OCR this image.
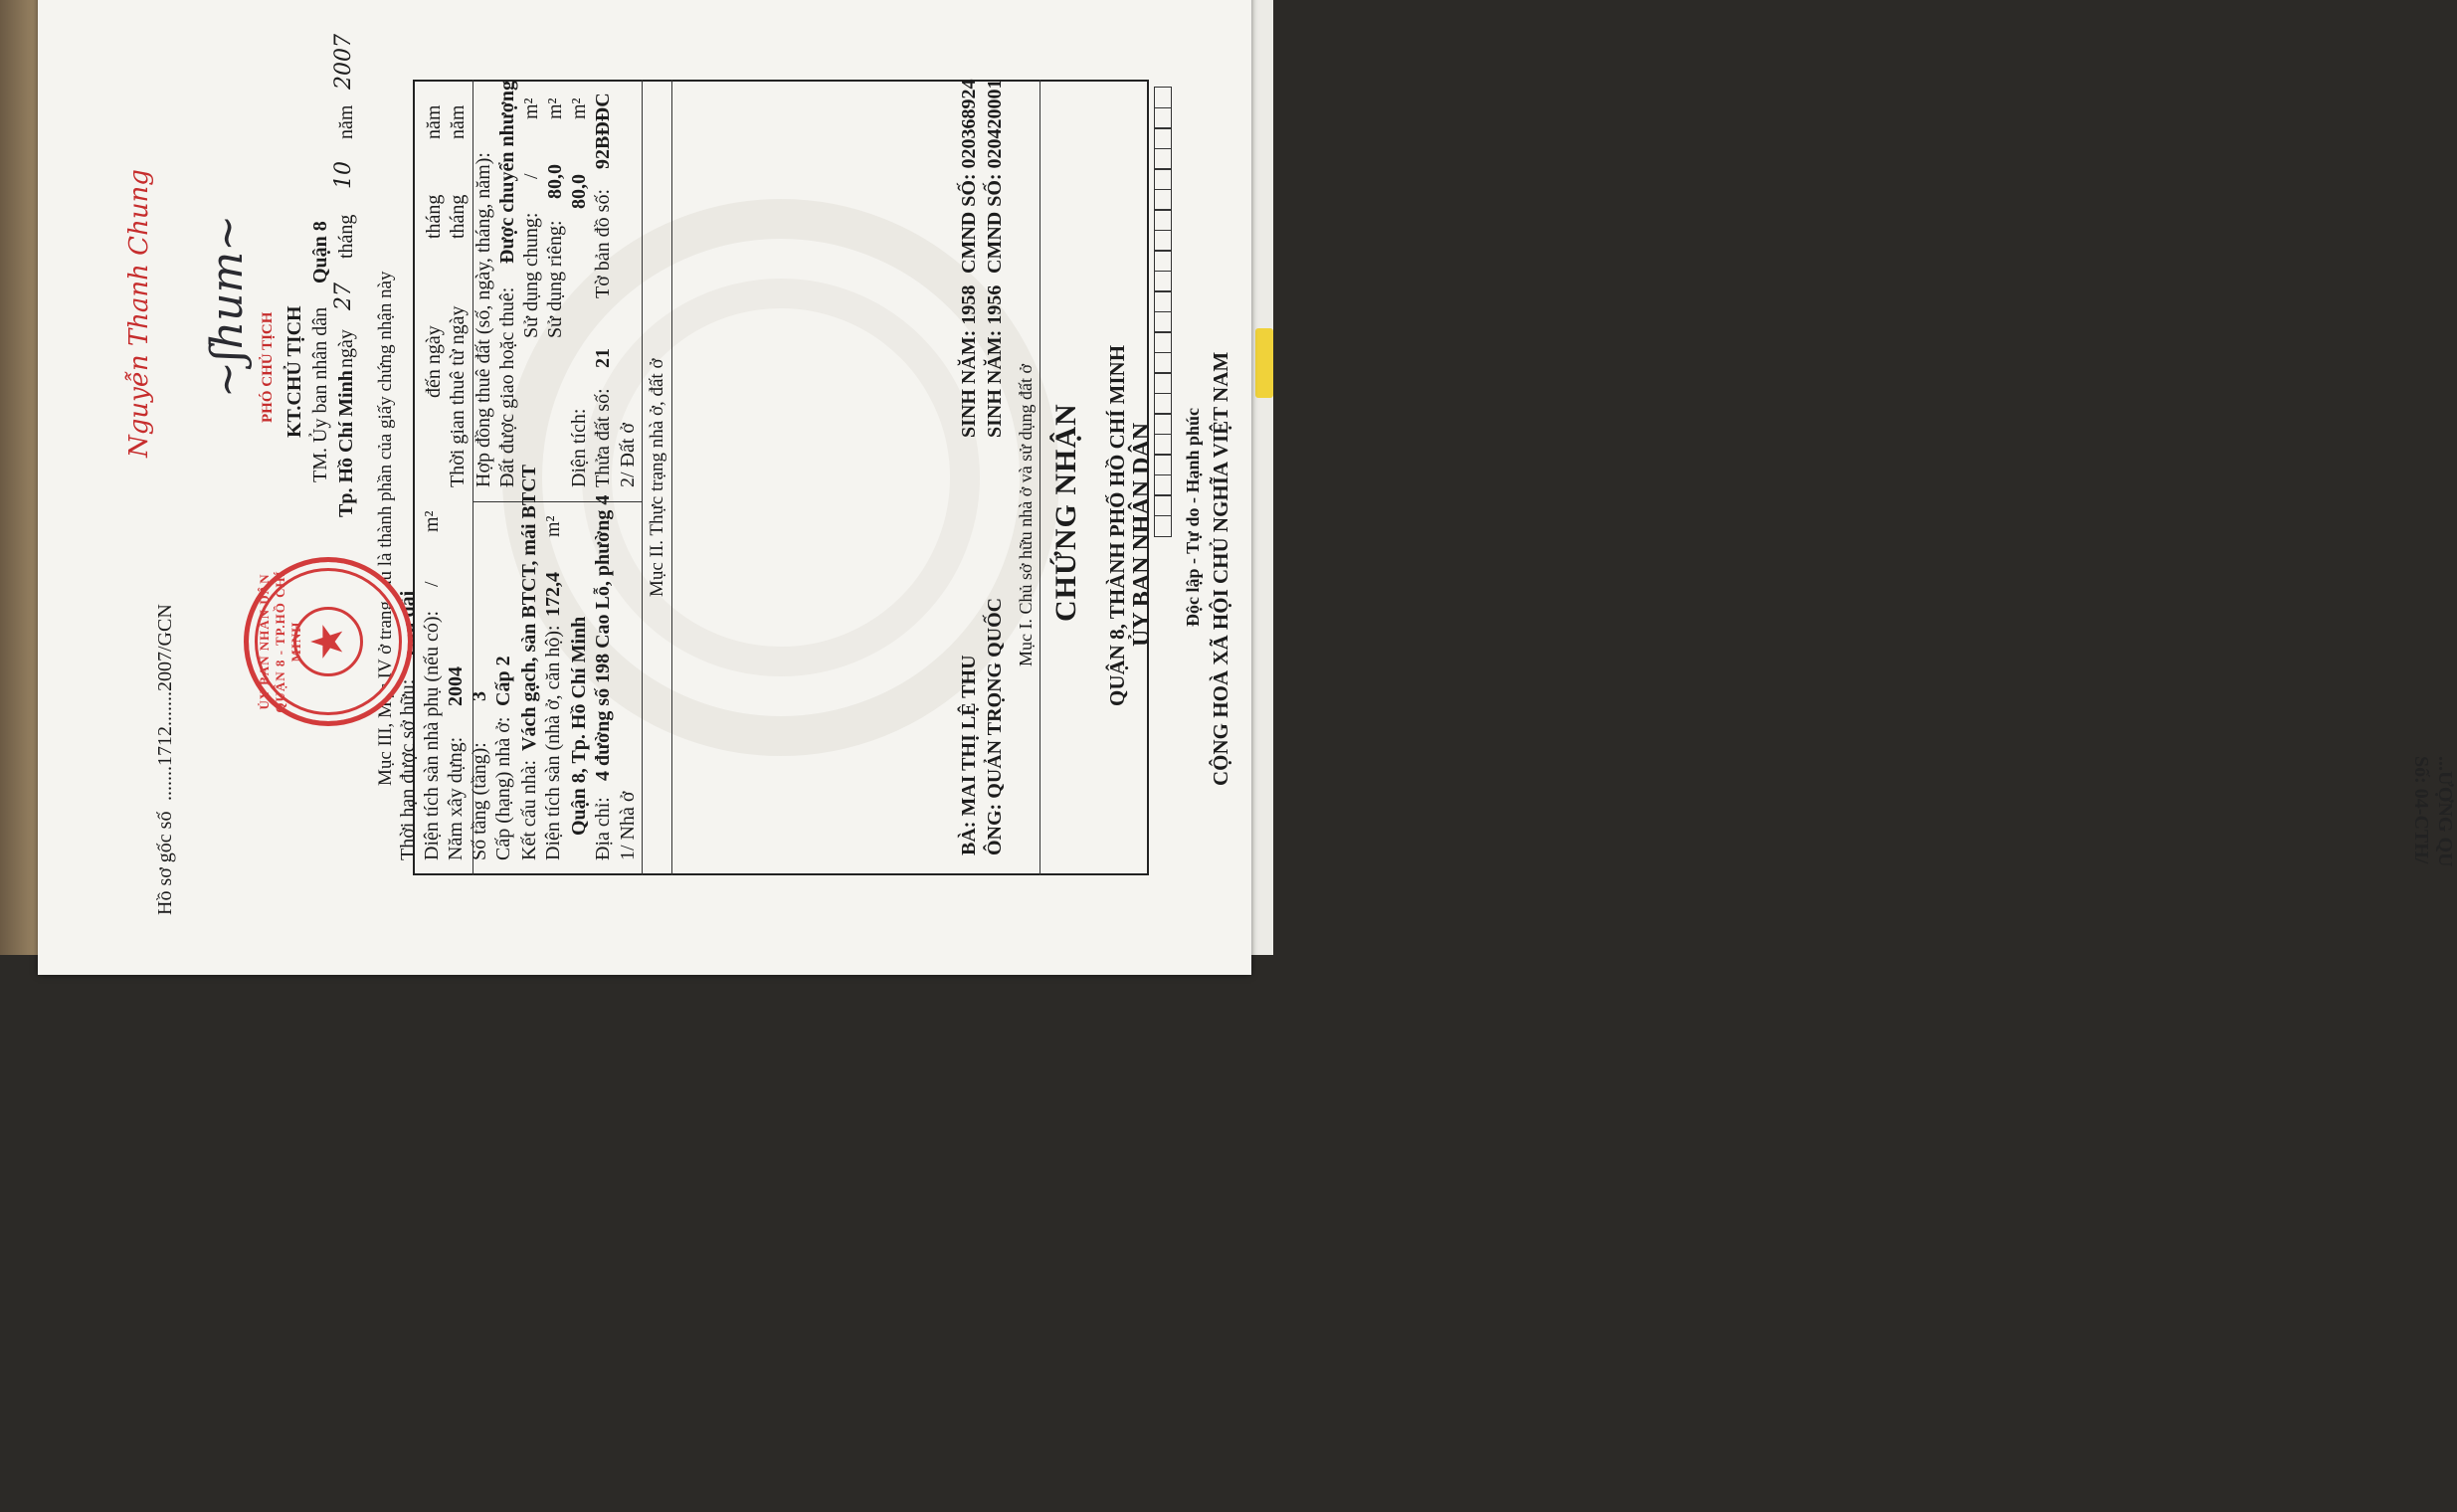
...ƯỢNG QU
Số: 04-CTH/
CỘNG HOÀ XÃ HỘI CHỦ NGHĨA VIỆT NAM
Độc lập - Tự do - Hạnh phúc
ỦY BAN NHÂN DÂN
QUẬN 8, THÀNH PHỐ HỒ CHÍ MINH
CHỨNG NHẬN
Mục I. Chủ sở hữu nhà ở và sử dụng đất ở
ÔNG: QUẢN TRỌNG QUỐC
SINH NĂM: 1956
CMND SỐ: 020420001
BÀ: MAI THỊ LỆ THU
SINH NĂM: 1958
CMND SỐ: 020368924
Mục II. Thực trạng nhà ở, đất ở
1/ Nhà ở
Địa chỉ:
4 đường số 198 Cao Lỗ, phường 4
Quận 8, Tp. Hồ Chí Minh
Diện tích sàn (nhà ở, căn hộ):
172,4
m²
Kết cấu nhà:
Vách gạch, sàn BTCT, mái BTCT
Cấp (hạng) nhà ở:
Cấp 2
Số tầng (tầng):
3
Năm xây dựng:
2004
Diện tích sàn nhà phụ (nếu có):
/
m²
2/ Đất ở
Thửa đất số:
21
Tờ bản đồ số:
92BĐĐC
Diện tích:
80,0
m²
Sử dụng riêng:
80,0
m²
Sử dụng chung:
/
m²
Đất được giao hoặc thuê:
Được chuyển nhượng
Hợp đồng thuê đất (số, ngày, tháng, năm):
Thời gian thuê từ ngày
tháng
năm
đến ngày
tháng
năm
Thời hạn được sở hữu:
Lâu dài
Mục III, Mục IV ở trang sau là thành phần của giấy chứng nhận này
Tp. Hồ Chí Minh
ngày
27
tháng
10
năm
2007
TM. Ủy ban nhân dân
Quận 8
KT.CHỦ TỊCH
PHÓ CHỦ TỊCH
~ʃhum~
Nguyễn Thanh Chung
ỦY BAN NHÂN DÂN QUẬN 8 - TP.HỒ CHÍ MINH ★
Hồ sơ gốc số
.......1712.......2007/GCN
